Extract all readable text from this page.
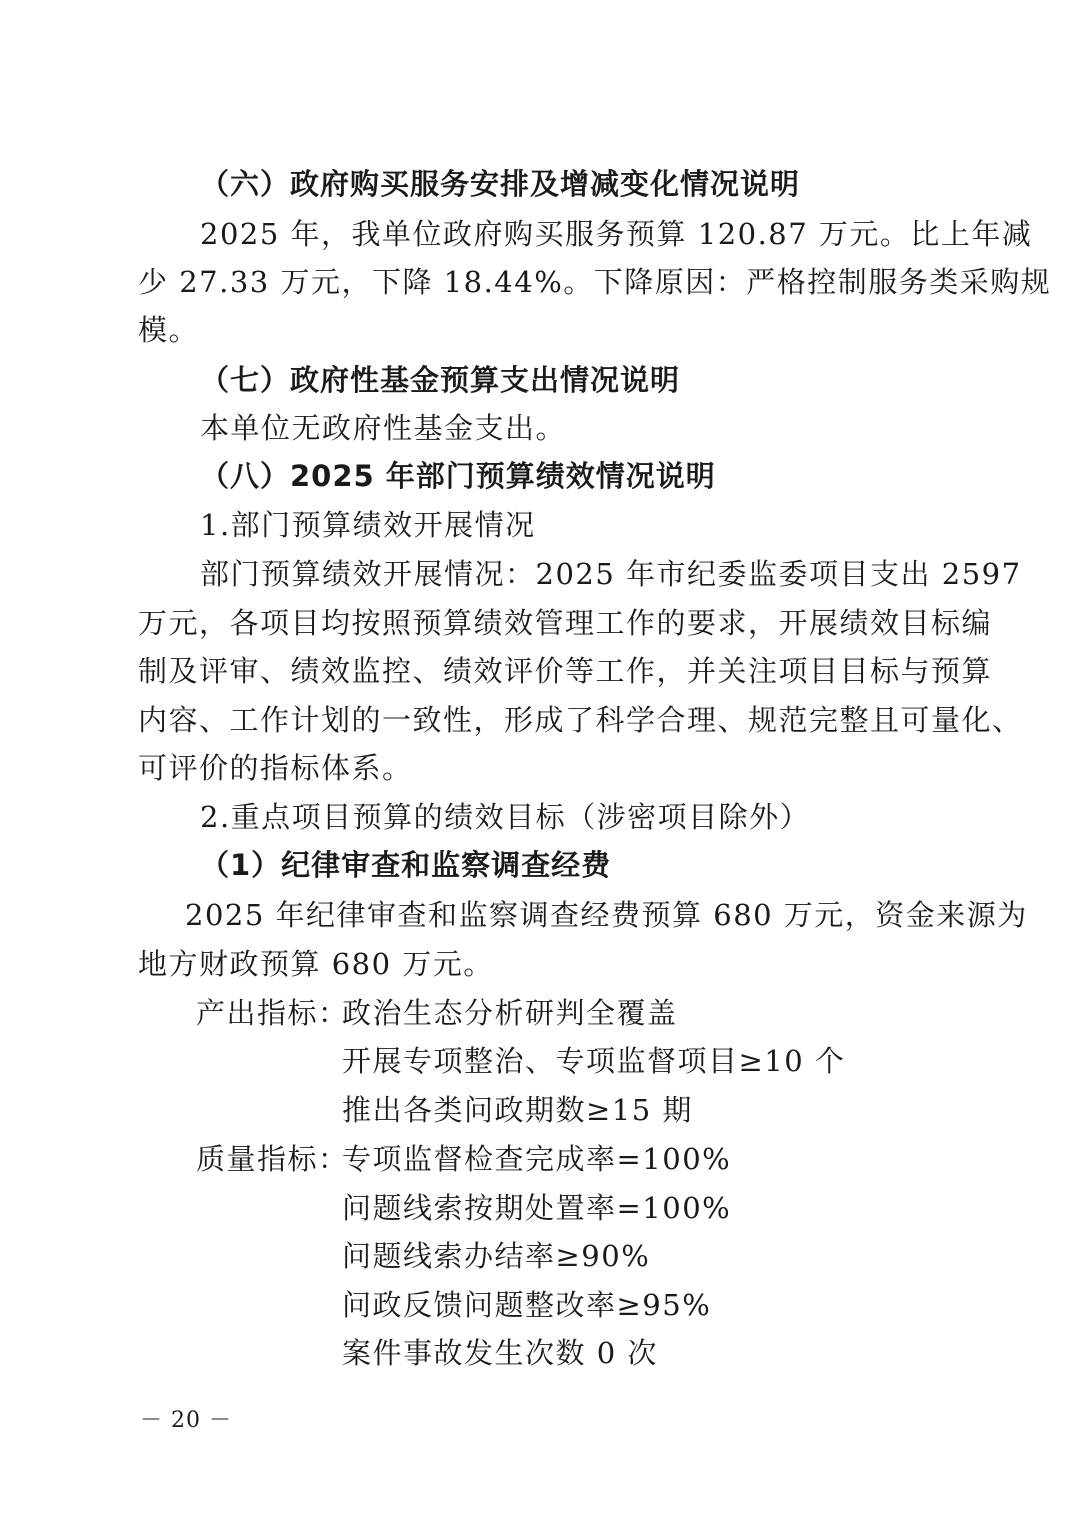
（六）政府购买服务安排及增减变化情况说明
2025 年，我单位政府购买服务预算 120.87 万元。比上年减
少 27.33 万元，下降 18.44%。下降原因：严格控制服务类采购规
模。
（七）政府性基金预算支出情况说明
本单位无政府性基金支出。
（八）2025 年部门预算绩效情况说明
1.部门预算绩效开展情况
部门预算绩效开展情况：2025 年市纪委监委项目支出 2597
万元，各项目均按照预算绩效管理工作的要求，开展绩效目标编
制及评审、绩效监控、绩效评价等工作，并关注项目目标与预算
内容、工作计划的一致性，形成了科学合理、规范完整且可量化、
可评价的指标体系。
2.重点项目预算的绩效目标（涉密项目除外）
（1）纪律审查和监察调查经费
2025 年纪律审查和监察调查经费预算 680 万元，资金来源为
地方财政预算 680 万元。
产出指标：
政治生态分析研判全覆盖
开展专项整治、专项监督项目≥10 个
推出各类问政期数≥15 期
质量指标：
专项监督检查完成率=100%
问题线索按期处置率=100%
问题线索办结率≥90%
问政反馈问题整改率≥95%
案件事故发生次数 0 次
－ 20 －
